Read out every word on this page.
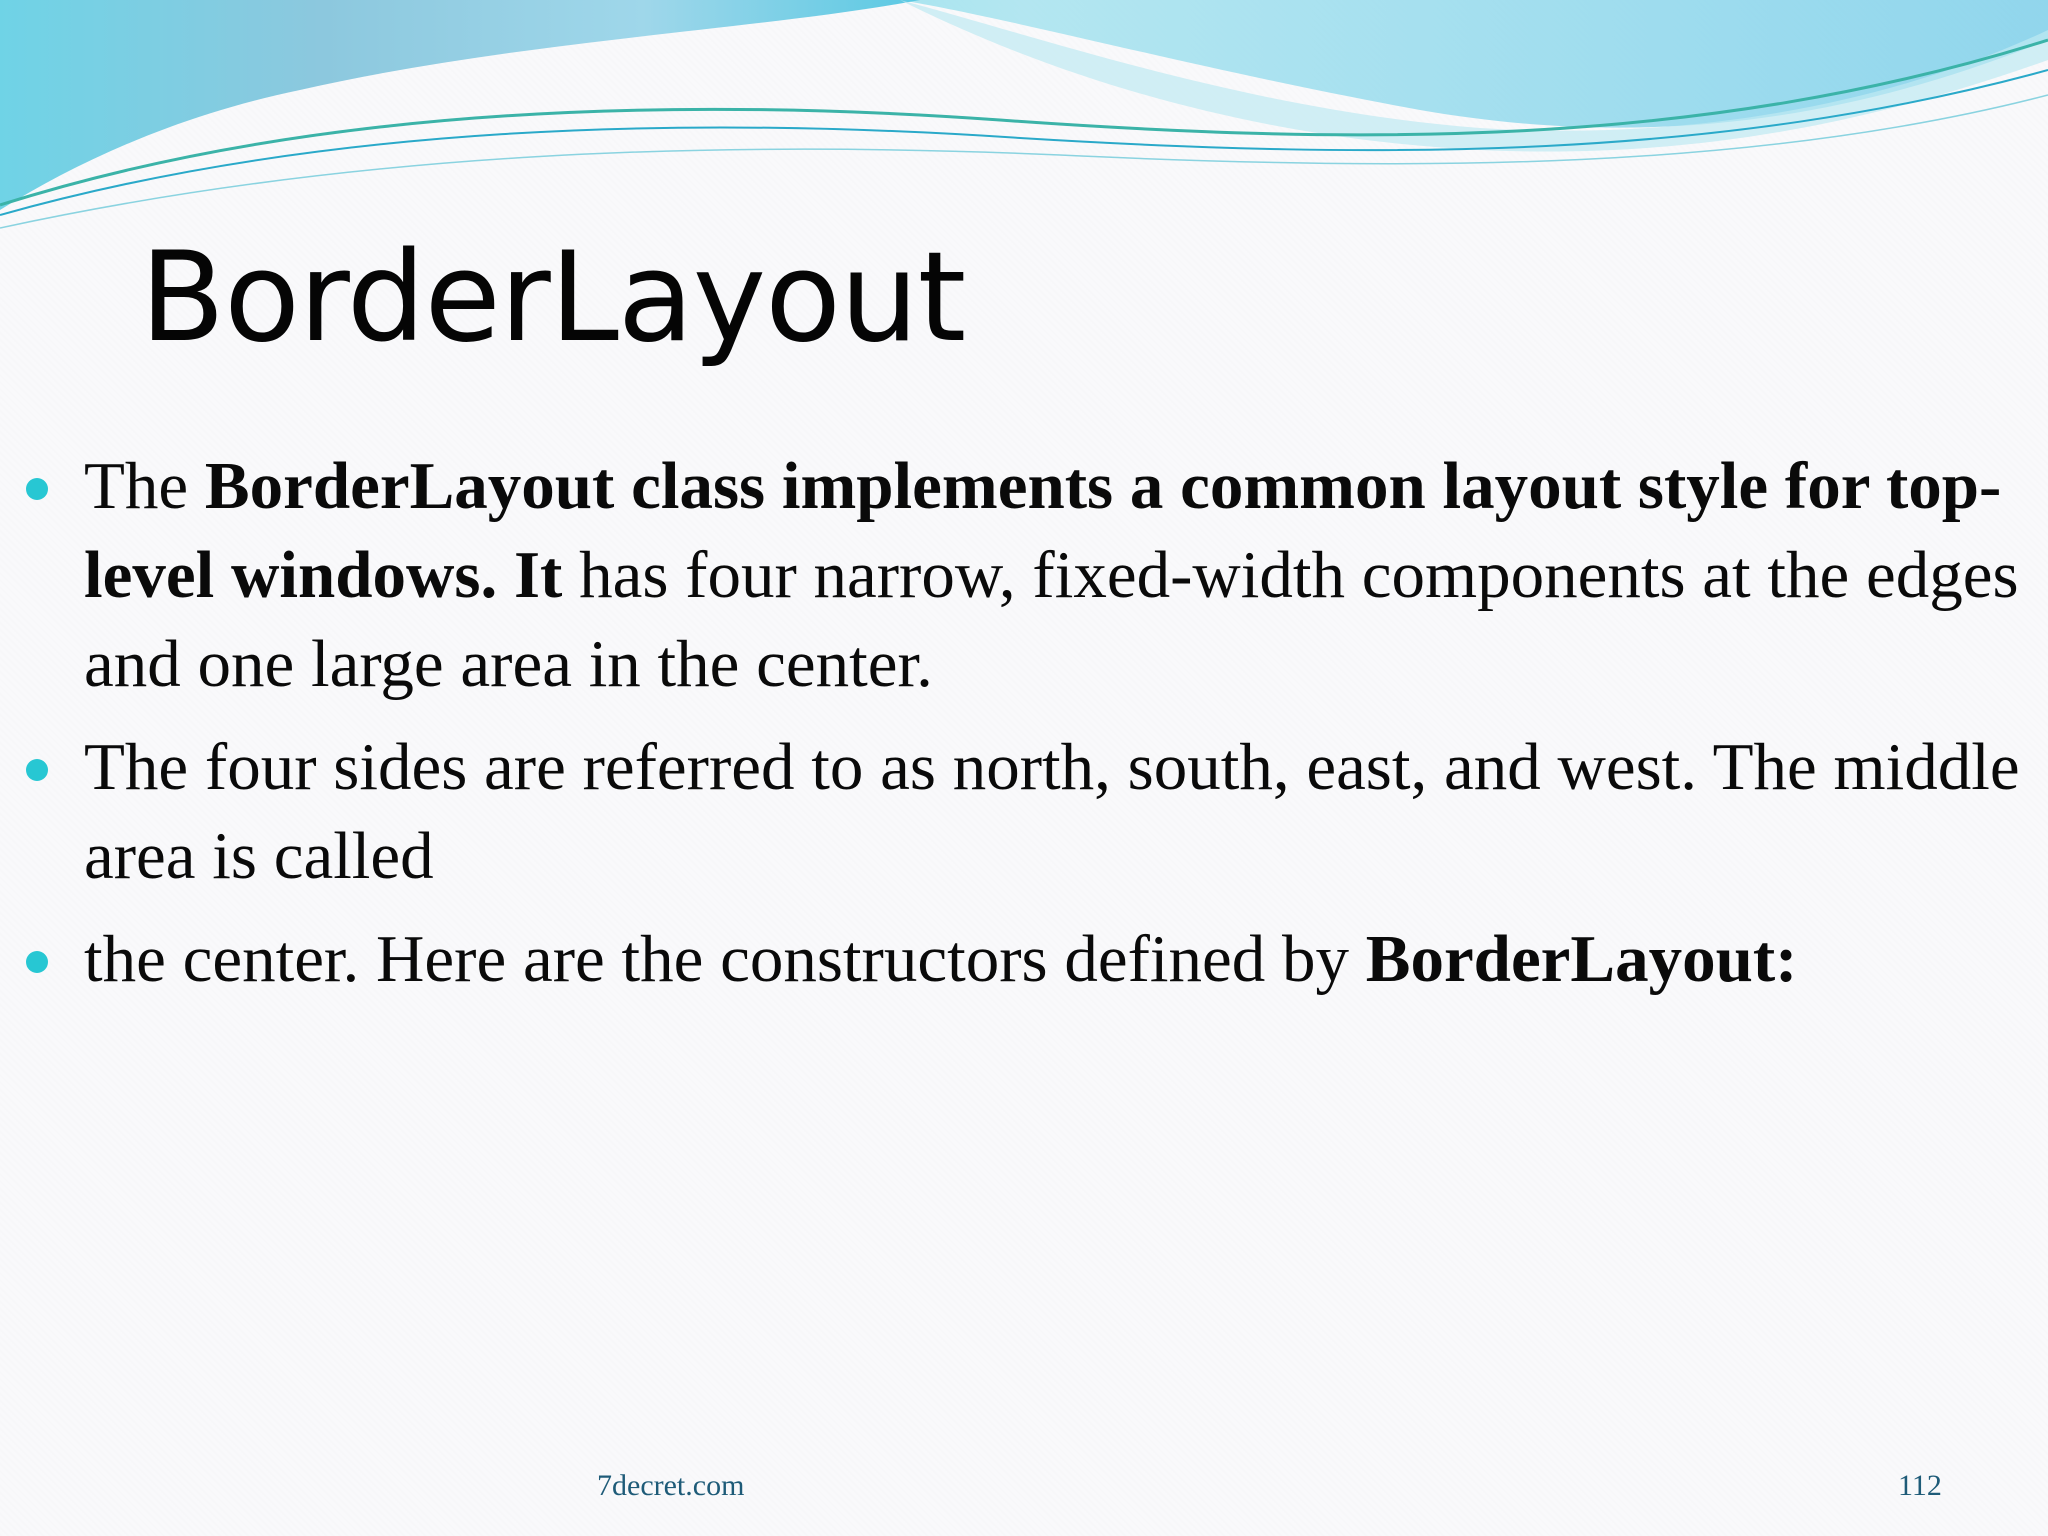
BorderLayout
The BorderLayout class implements a common layout style for top-level windows. It has four narrow, fixed-width components at the edges and one large area in the center.
The four sides are referred to as north, south, east, and west. The middle area is called
the center. Here are the constructors defined by BorderLayout:
7decret.com	112
